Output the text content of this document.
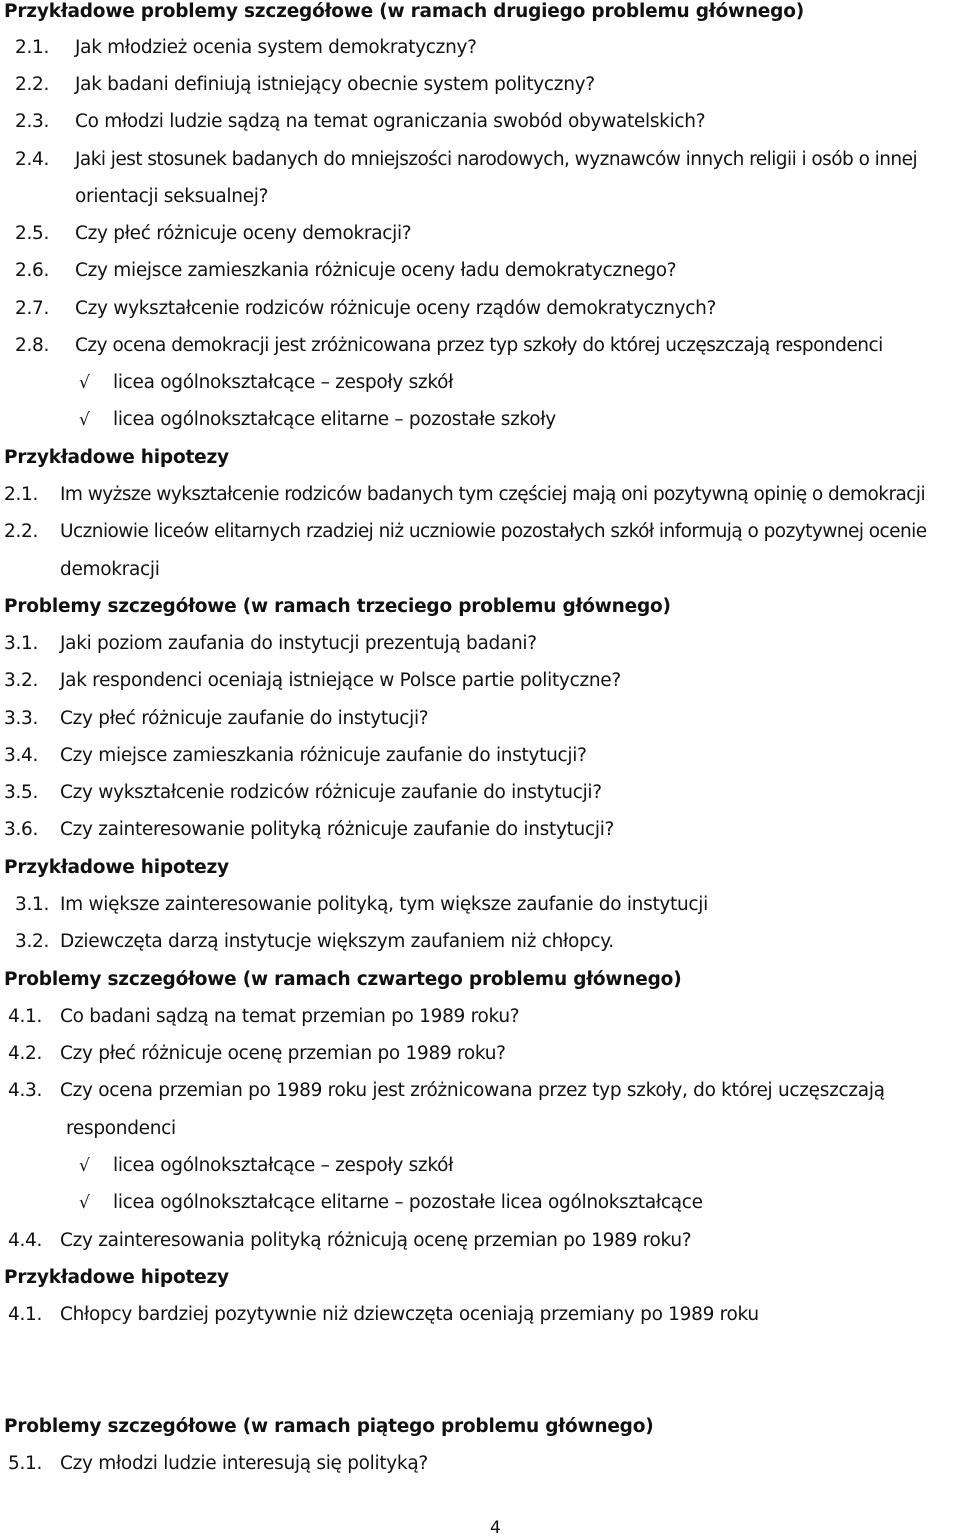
Przykładowe problemy szczegółowe (w ramach drugiego problemu głównego)
2.1. Jak młodzież ocenia system demokratyczny?
2.2. Jak badani definiują istniejący obecnie system polityczny?
2.3. Co młodzi ludzie sądzą na temat ograniczania swobód obywatelskich?
2.4. Jaki jest stosunek badanych do mniejszości narodowych, wyznawców innych religii i osób o innej
orientacji seksualnej?
2.5. Czy płeć różnicuje oceny demokracji?
2.6. Czy miejsce zamieszkania różnicuje oceny ładu demokratycznego?
2.7. Czy wykształcenie rodziców różnicuje oceny rządów demokratycznych?
2.8. Czy ocena demokracji jest zróżnicowana przez typ szkoły do której uczęszczają respondenci
√ licea ogólnokształcące – zespoły szkół
√ licea ogólnokształcące elitarne – pozostałe szkoły
Przykładowe hipotezy
2.1. Im wyższe wykształcenie rodziców badanych tym częściej mają oni pozytywną opinię o demokracji
2.2. Uczniowie liceów elitarnych rzadziej niż uczniowie pozostałych szkół informują o pozytywnej ocenie
demokracji
Problemy szczegółowe (w ramach trzeciego problemu głównego)
3.1. Jaki poziom zaufania do instytucji prezentują badani?
3.2. Jak respondenci oceniają istniejące w Polsce partie polityczne?
3.3. Czy płeć różnicuje zaufanie do instytucji?
3.4. Czy miejsce zamieszkania różnicuje zaufanie do instytucji?
3.5. Czy wykształcenie rodziców różnicuje zaufanie do instytucji?
3.6. Czy zainteresowanie polityką różnicuje zaufanie do instytucji?
Przykładowe hipotezy
3.1. Im większe zainteresowanie polityką, tym większe zaufanie do instytucji
3.2. Dziewczęta darzą instytucje większym zaufaniem niż chłopcy.
Problemy szczegółowe (w ramach czwartego problemu głównego)
4.1. Co badani sądzą na temat przemian po 1989 roku?
4.2. Czy płeć różnicuje ocenę przemian po 1989 roku?
4.3. Czy ocena przemian po 1989 roku jest zróżnicowana przez typ szkoły, do której uczęszczają
respondenci
√ licea ogólnokształcące – zespoły szkół
√ licea ogólnokształcące elitarne – pozostałe licea ogólnokształcące
4.4. Czy zainteresowania polityką różnicują ocenę przemian po 1989 roku?
Przykładowe hipotezy
4.1. Chłopcy bardziej pozytywnie niż dziewczęta oceniają przemiany po 1989 roku
Problemy szczegółowe (w ramach piątego problemu głównego)
5.1. Czy młodzi ludzie interesują się polityką?
4
